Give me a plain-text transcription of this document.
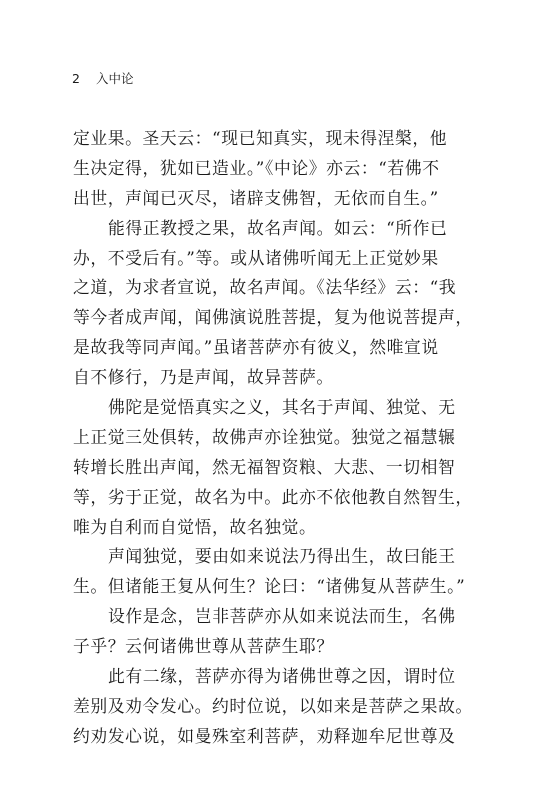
2 入中论
定业果。圣天云：“现已知真实，现未得涅槃，他
生决定得，犹如已造业。”《中论》亦云：“若佛不
出世，声闻已灭尽，诸辟支佛智，无依而自生。”
能得正教授之果，故名声闻。如云：“所作已
办，不受后有。”等。或从诸佛听闻无上正觉妙果
之道，为求者宣说，故名声闻。《法华经》云：“我
等今者成声闻，闻佛演说胜菩提，复为他说菩提声，
是故我等同声闻。”虽诸菩萨亦有彼义，然唯宣说
自不修行，乃是声闻，故异菩萨。
佛陀是觉悟真实之义，其名于声闻、独觉、无
上正觉三处俱转，故佛声亦诠独觉。独觉之福慧辗
转增长胜出声闻，然无福智资粮、大悲、一切相智
等，劣于正觉，故名为中。此亦不依他教自然智生，
唯为自利而自觉悟，故名独觉。
声闻独觉，要由如来说法乃得出生，故曰能王
生。但诸能王复从何生？论曰：“诸佛复从菩萨生。”
设作是念，岂非菩萨亦从如来说法而生，名佛
子乎？云何诸佛世尊从菩萨生耶？
此有二缘，菩萨亦得为诸佛世尊之因，谓时位
差别及劝令发心。约时位说，以如来是菩萨之果故。
约劝发心说，如曼殊室利菩萨，劝释迦牟尼世尊及
